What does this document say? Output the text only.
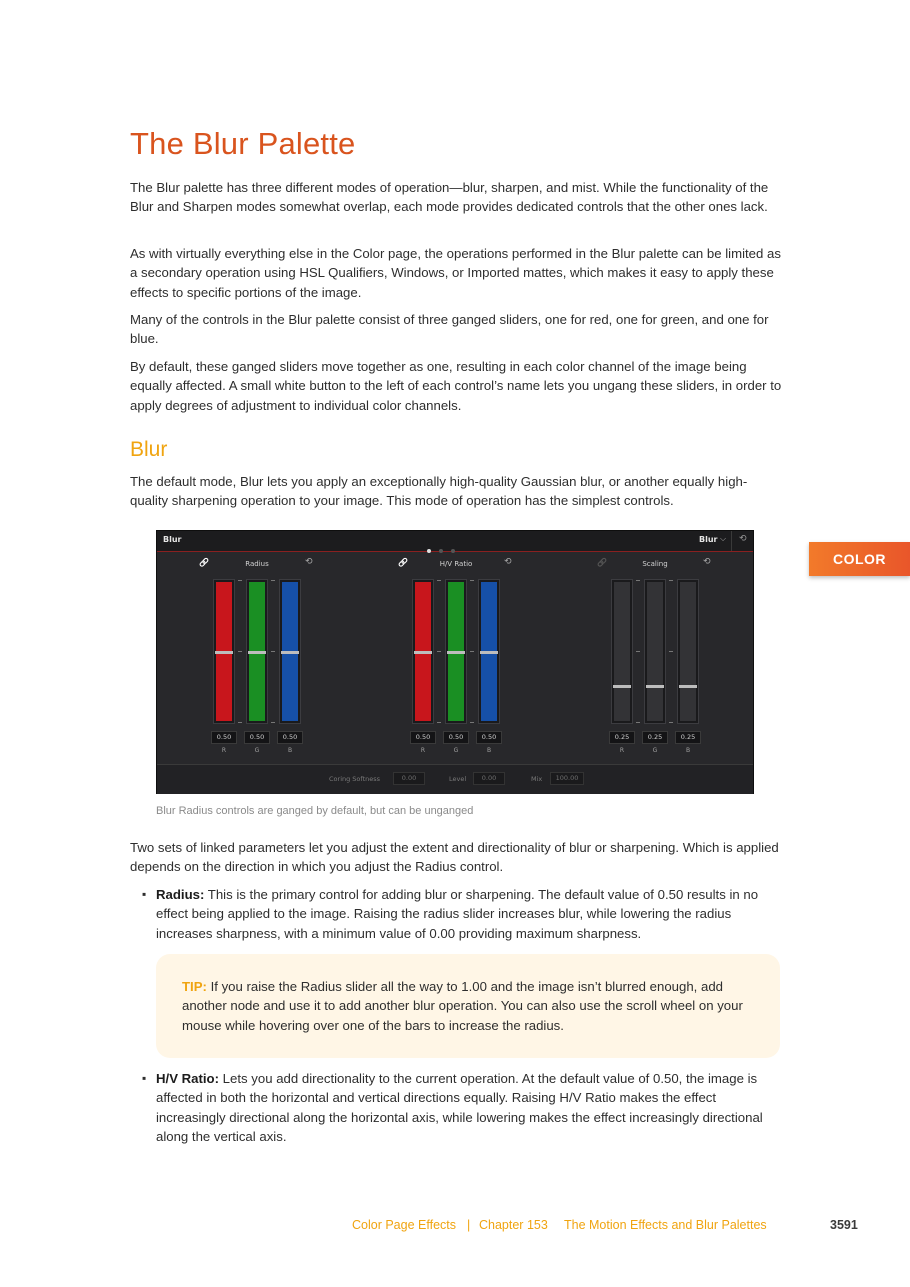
The Blur Palette

The Blur palette has three different modes of operation—blur, sharpen, and mist. While the functionality of the Blur and Sharpen modes somewhat overlap, each mode provides dedicated controls that the other ones lack.

As with virtually everything else in the Color page, the operations performed in the Blur palette can be limited as a secondary operation using HSL Qualifiers, Windows, or Imported mattes, which makes it easy to apply these effects to specific portions of the image.

Many of the controls in the Blur palette consist of three ganged sliders, one for red, one for green, and one for blue.

By default, these ganged sliders move together as one, resulting in each color channel of the image being equally affected. A small white button to the left of each control’s name lets you ungang these sliders, in order to apply degrees of adjustment to individual color channels.

Blur

The default mode, Blur lets you apply an exceptionally high-quality Gaussian blur, or another equally high-quality sharpening operation to your image. This mode of operation has the simplest controls.

COLOR
Blur	Blur ⌵ ⟲
🔗	Radius	⟲
0.50
R
0.50
G
0.50
B
🔗	H/V Ratio	⟲
0.50
R
0.50
G
0.50
B
🔗	Scaling	⟲
0.25
R
0.25
G
0.25
B
Coring Softness	0.00	Level	0.00	Mix	100.00
Blur Radius controls are ganged by default, but can be unganged

Two sets of linked parameters let you adjust the extent and directionality of blur or sharpening. Which is applied depends on the direction in which you adjust the Radius control.

▪ Radius: This is the primary control for adding blur or sharpening. The default value of 0.50 results in no effect being applied to the image. Raising the radius slider increases blur, while lowering the radius increases sharpness, with a minimum value of 0.00 providing maximum sharpness.
TIP: If you raise the Radius slider all the way to 1.00 and the image isn’t blurred enough, add another node and use it to add another blur operation. You can also use the scroll wheel on your mouse while hovering over one of the bars to increase the radius.
▪ H/V Ratio: Lets you add directionality to the current operation. At the default value of 0.50, the image is affected in both the horizontal and vertical directions equally. Raising H/V Ratio makes the effect increasingly directional along the horizontal axis, while lowering makes the effect increasingly directional along the vertical axis.
Color Page Effects | Chapter 153 The Motion Effects and Blur Palettes	3591
